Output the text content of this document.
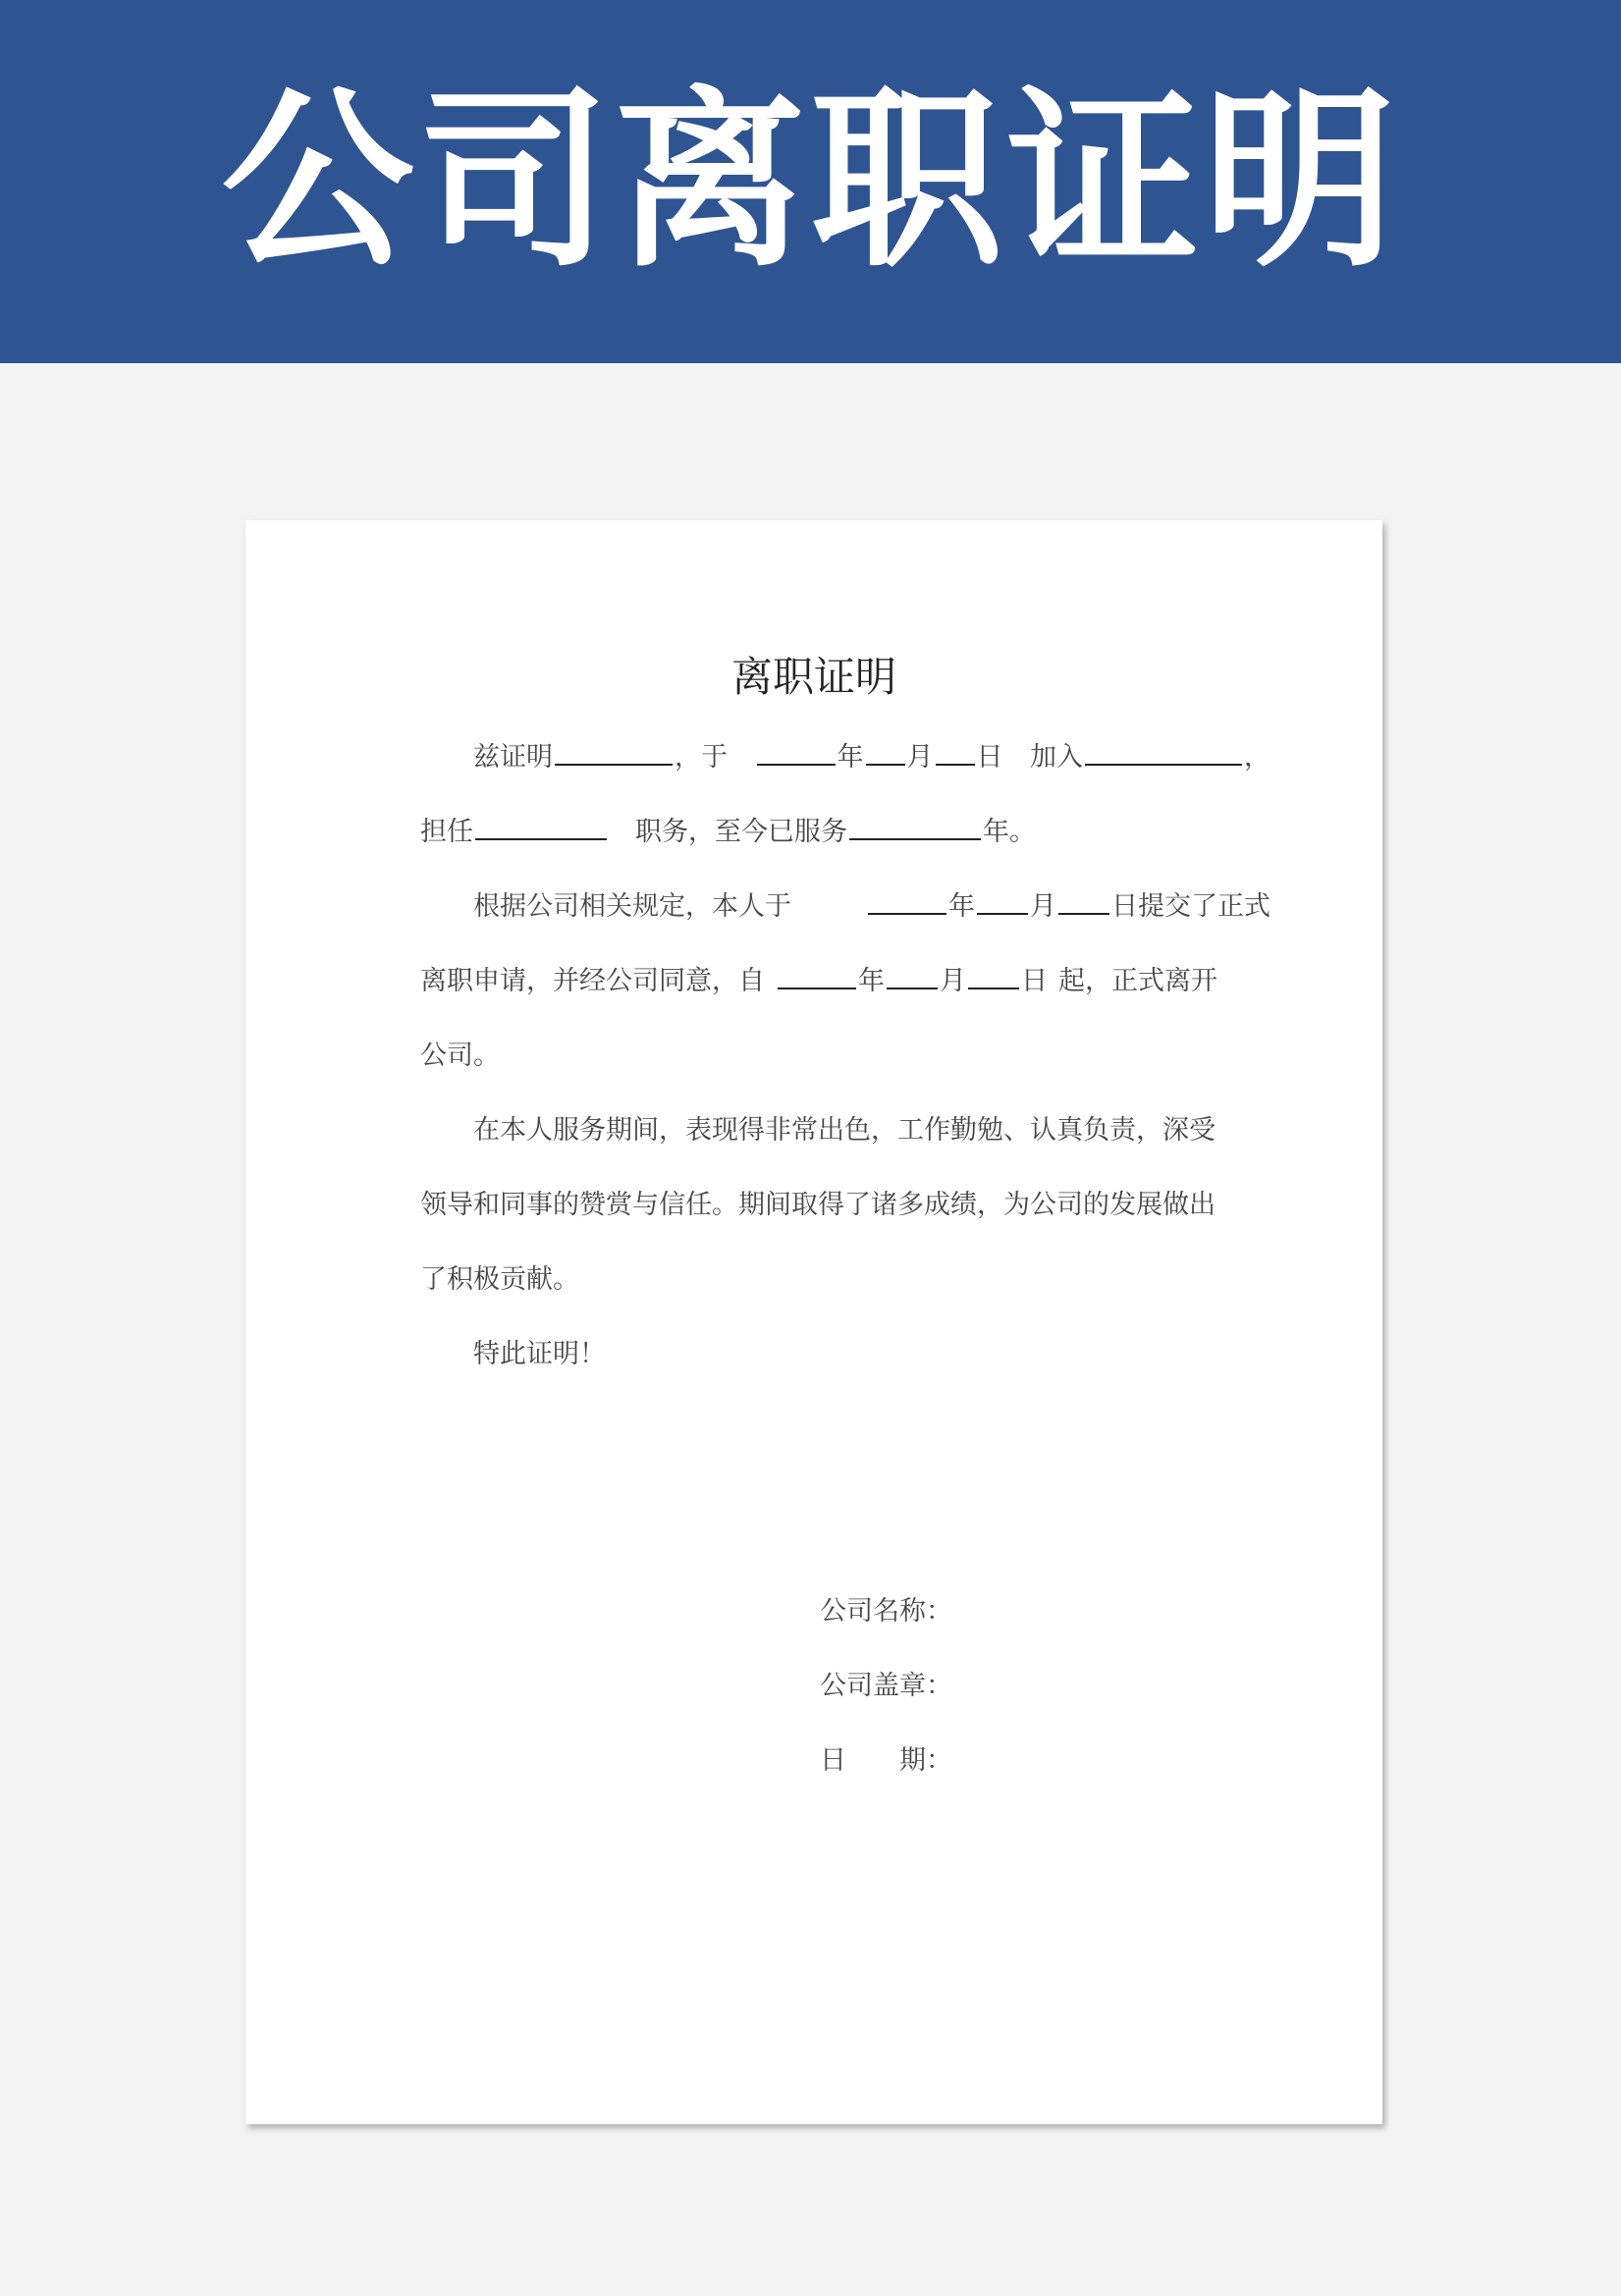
公司离职证明
离职证明
兹证明	，于	年 月 日 加入	，
担任　	职务，至今已服务	年。
根据公司相关规定，本人于	年 月 日提交了正式
离职申请，并经公司同意，自	年 月 日 起，正式离开
公司。
在本人服务期间，表现得非常出色，工作勤勉、认真负责，深受
领导和同事的赞赏与信任。期间取得了诸多成绩，为公司的发展做出
了积极贡献。
特此证明！
公司名称：
公司盖章：
日　　期：
